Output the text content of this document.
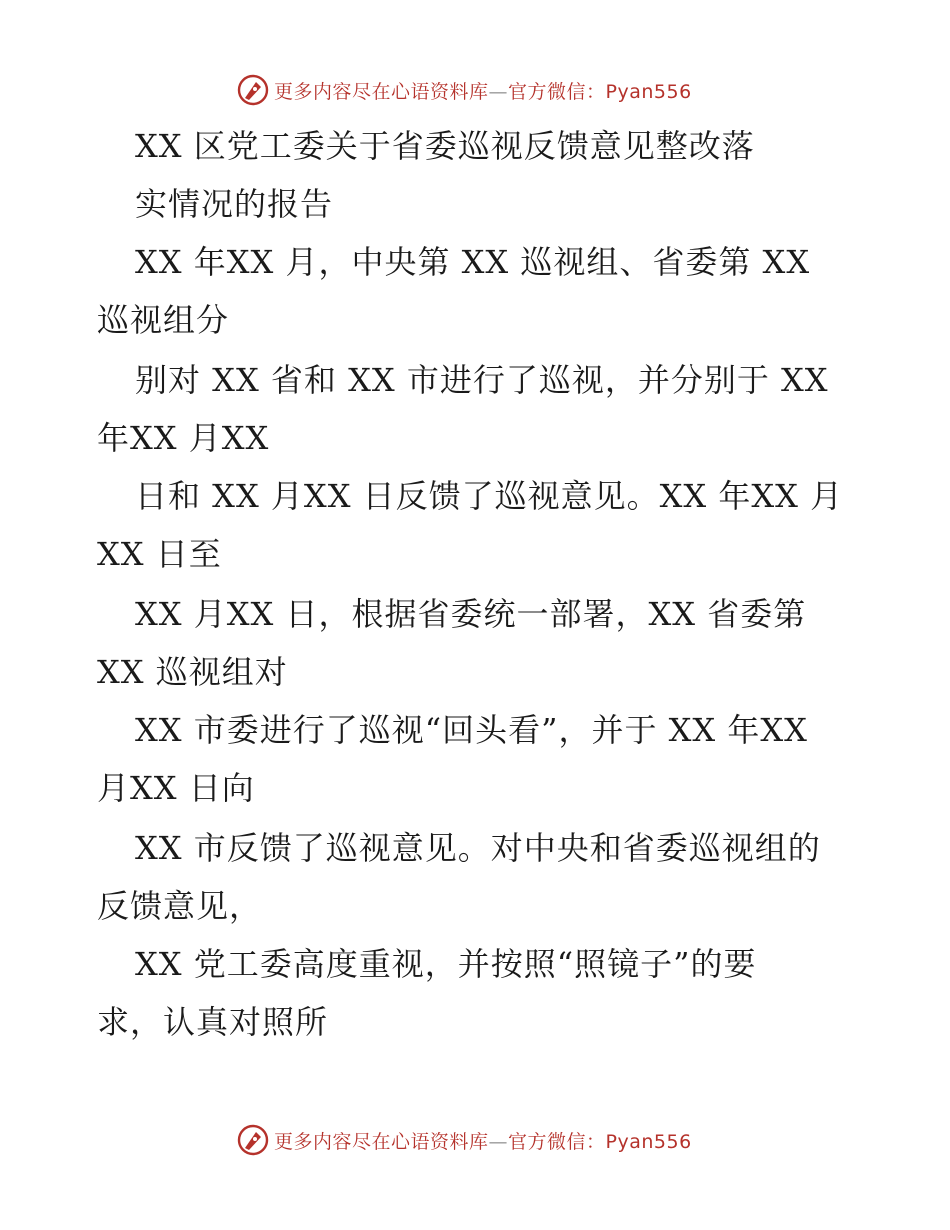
更多内容尽在心语资料库—官方微信：Pyan556
XX 区党工委关于省委巡视反馈意见整改落
实情况的报告
XX 年XX 月，中央第 XX 巡视组、省委第 XX
巡视组分
别对 XX 省和 XX 市进行了巡视，并分别于 XX
年XX 月XX
日和 XX 月XX 日反馈了巡视意见。XX 年XX 月
XX 日至
XX 月XX 日，根据省委统一部署，XX 省委第
XX 巡视组对
XX 市委进行了巡视“回头看”，并于 XX 年XX
月XX 日向
XX 市反馈了巡视意见。对中央和省委巡视组的
反馈意见，
XX 党工委高度重视，并按照“照镜子”的要
求，认真对照所
更多内容尽在心语资料库—官方微信：Pyan556
